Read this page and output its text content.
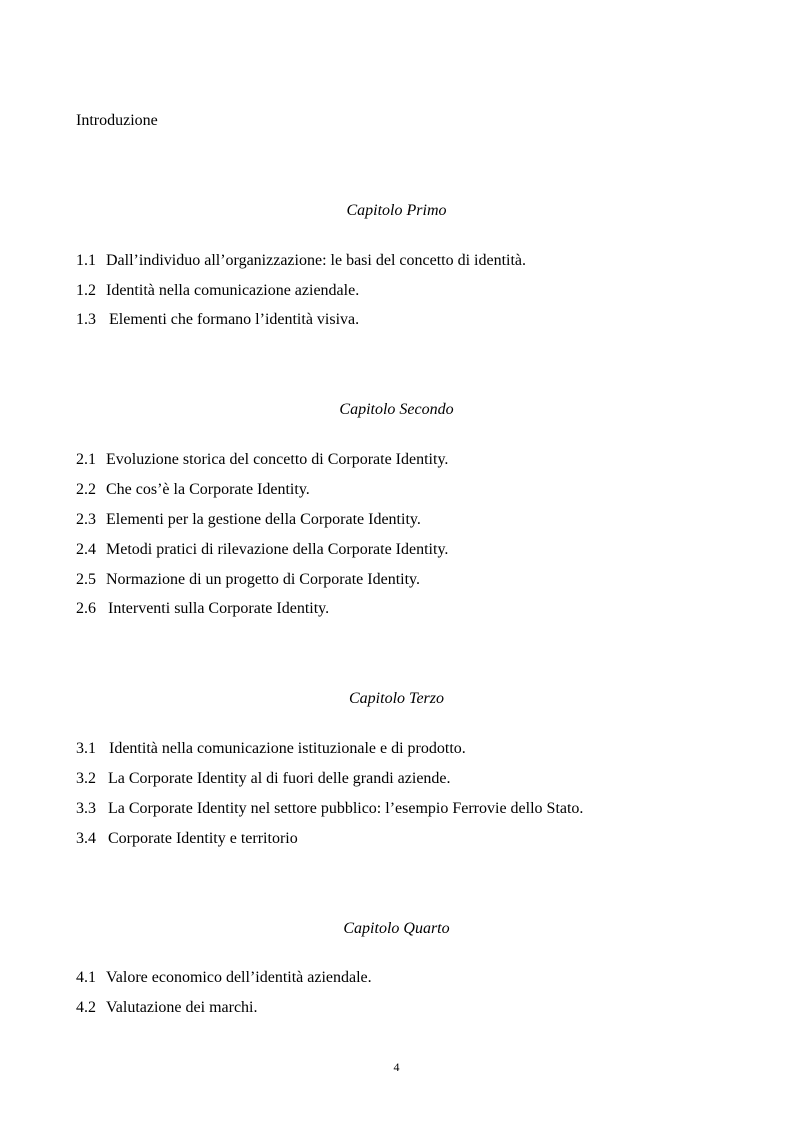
Introduzione
Capitolo Primo
1.1 Dall’individuo all’organizzazione: le basi del concetto di identità.
1.2 Identità nella comunicazione aziendale.
1.3 Elementi che formano l’identità visiva.
Capitolo Secondo
2.1 Evoluzione storica del concetto di Corporate Identity.
2.2 Che cos’è la Corporate Identity.
2.3 Elementi per la gestione della Corporate Identity.
2.4 Metodi pratici di rilevazione della Corporate Identity.
2.5 Normazione di un progetto di Corporate Identity.
2.6 Interventi sulla Corporate Identity.
Capitolo Terzo
3.1 Identità nella comunicazione istituzionale e di prodotto.
3.2 La Corporate Identity al di fuori delle grandi aziende.
3.3 La Corporate Identity nel settore pubblico: l’esempio Ferrovie dello Stato.
3.4 Corporate Identity e territorio
Capitolo Quarto
4.1 Valore economico dell’identità aziendale.
4.2 Valutazione dei marchi.
4
